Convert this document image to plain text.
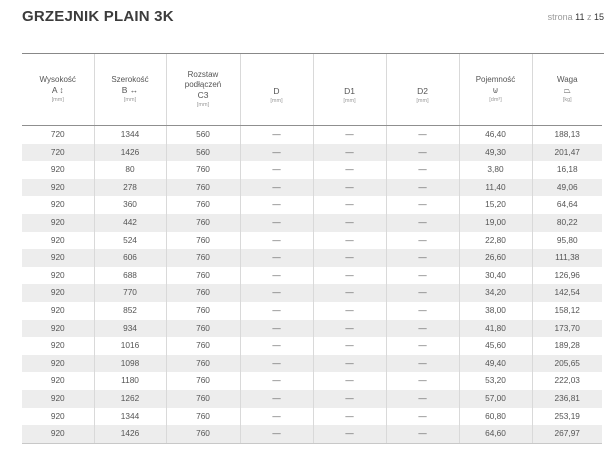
GRZEJNIK PLAIN 3K	strona 11 z 15
Wysokość
A ↕
[mm]	Szerokość
B ↔
[mm]	Rozstaw
podłączeń
C3
[mm]	D
[mm]	D1
[mm]	D2
[mm]	Pojemność
⊍
[dm³]	Waga
⏢
[kg]

720	1344	560	—	—	—	46,40	188,13
720	1426	560	—	—	—	49,30	201,47
920	80	760	—	—	—	3,80	16,18
920	278	760	—	—	—	11,40	49,06
920	360	760	—	—	—	15,20	64,64
920	442	760	—	—	—	19,00	80,22
920	524	760	—	—	—	22,80	95,80
920	606	760	—	—	—	26,60	111,38
920	688	760	—	—	—	30,40	126,96
920	770	760	—	—	—	34,20	142,54
920	852	760	—	—	—	38,00	158,12
920	934	760	—	—	—	41,80	173,70
920	1016	760	—	—	—	45,60	189,28
920	1098	760	—	—	—	49,40	205,65
920	1180	760	—	—	—	53,20	222,03
920	1262	760	—	—	—	57,00	236,81
920	1344	760	—	—	—	60,80	253,19
920	1426	760	—	—	—	64,60	267,97
